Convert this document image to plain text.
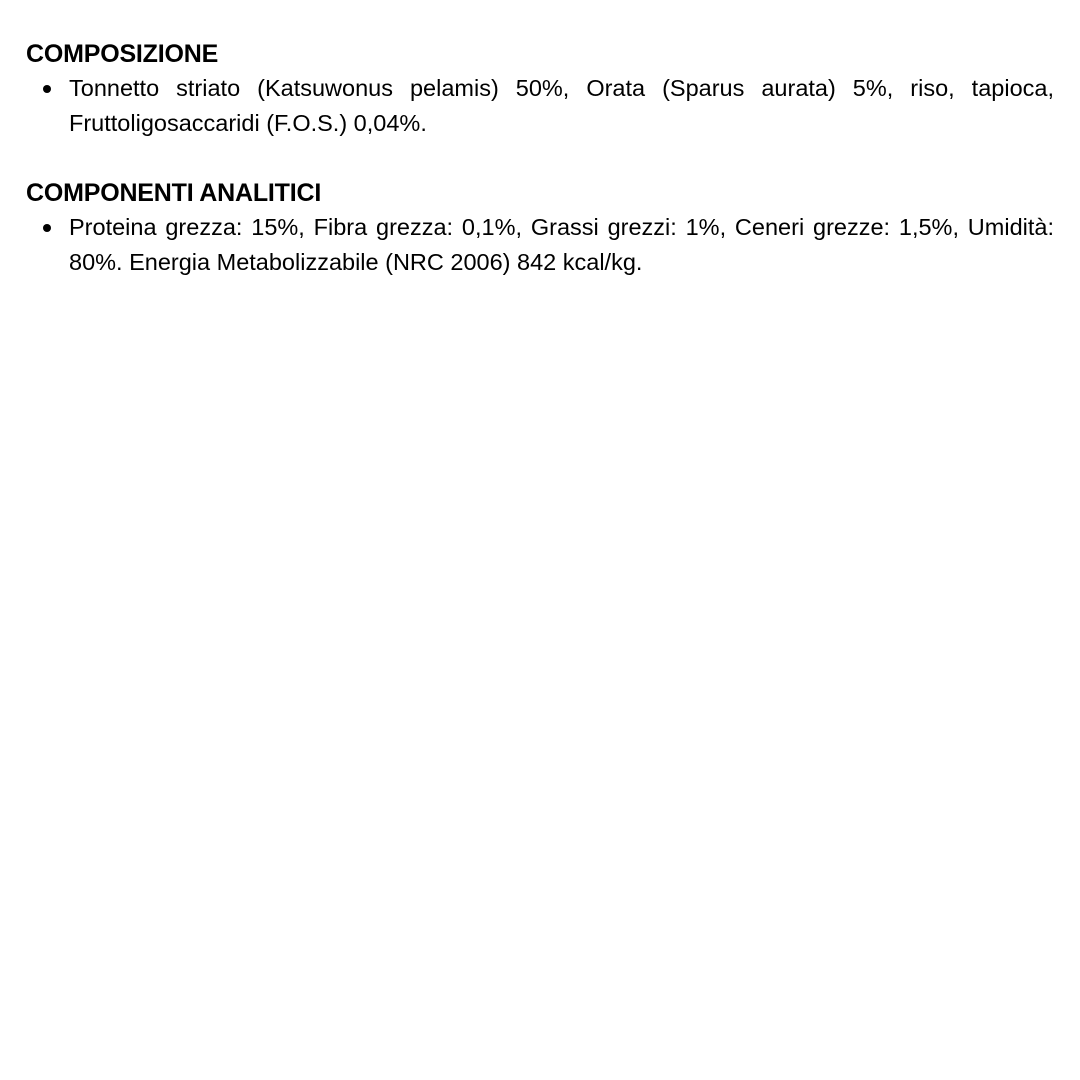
COMPOSIZIONE
Tonnetto striato (Katsuwonus pelamis) 50%, Orata (Sparus aurata) 5%, riso, tapioca, Fruttoligosaccaridi (F.O.S.) 0,04%.
COMPONENTI ANALITICI
Proteina grezza: 15%, Fibra grezza: 0,1%, Grassi grezzi: 1%, Ceneri grezze: 1,5%, Umidità: 80%. Energia Metabolizzabile (NRC 2006) 842 kcal/kg.
